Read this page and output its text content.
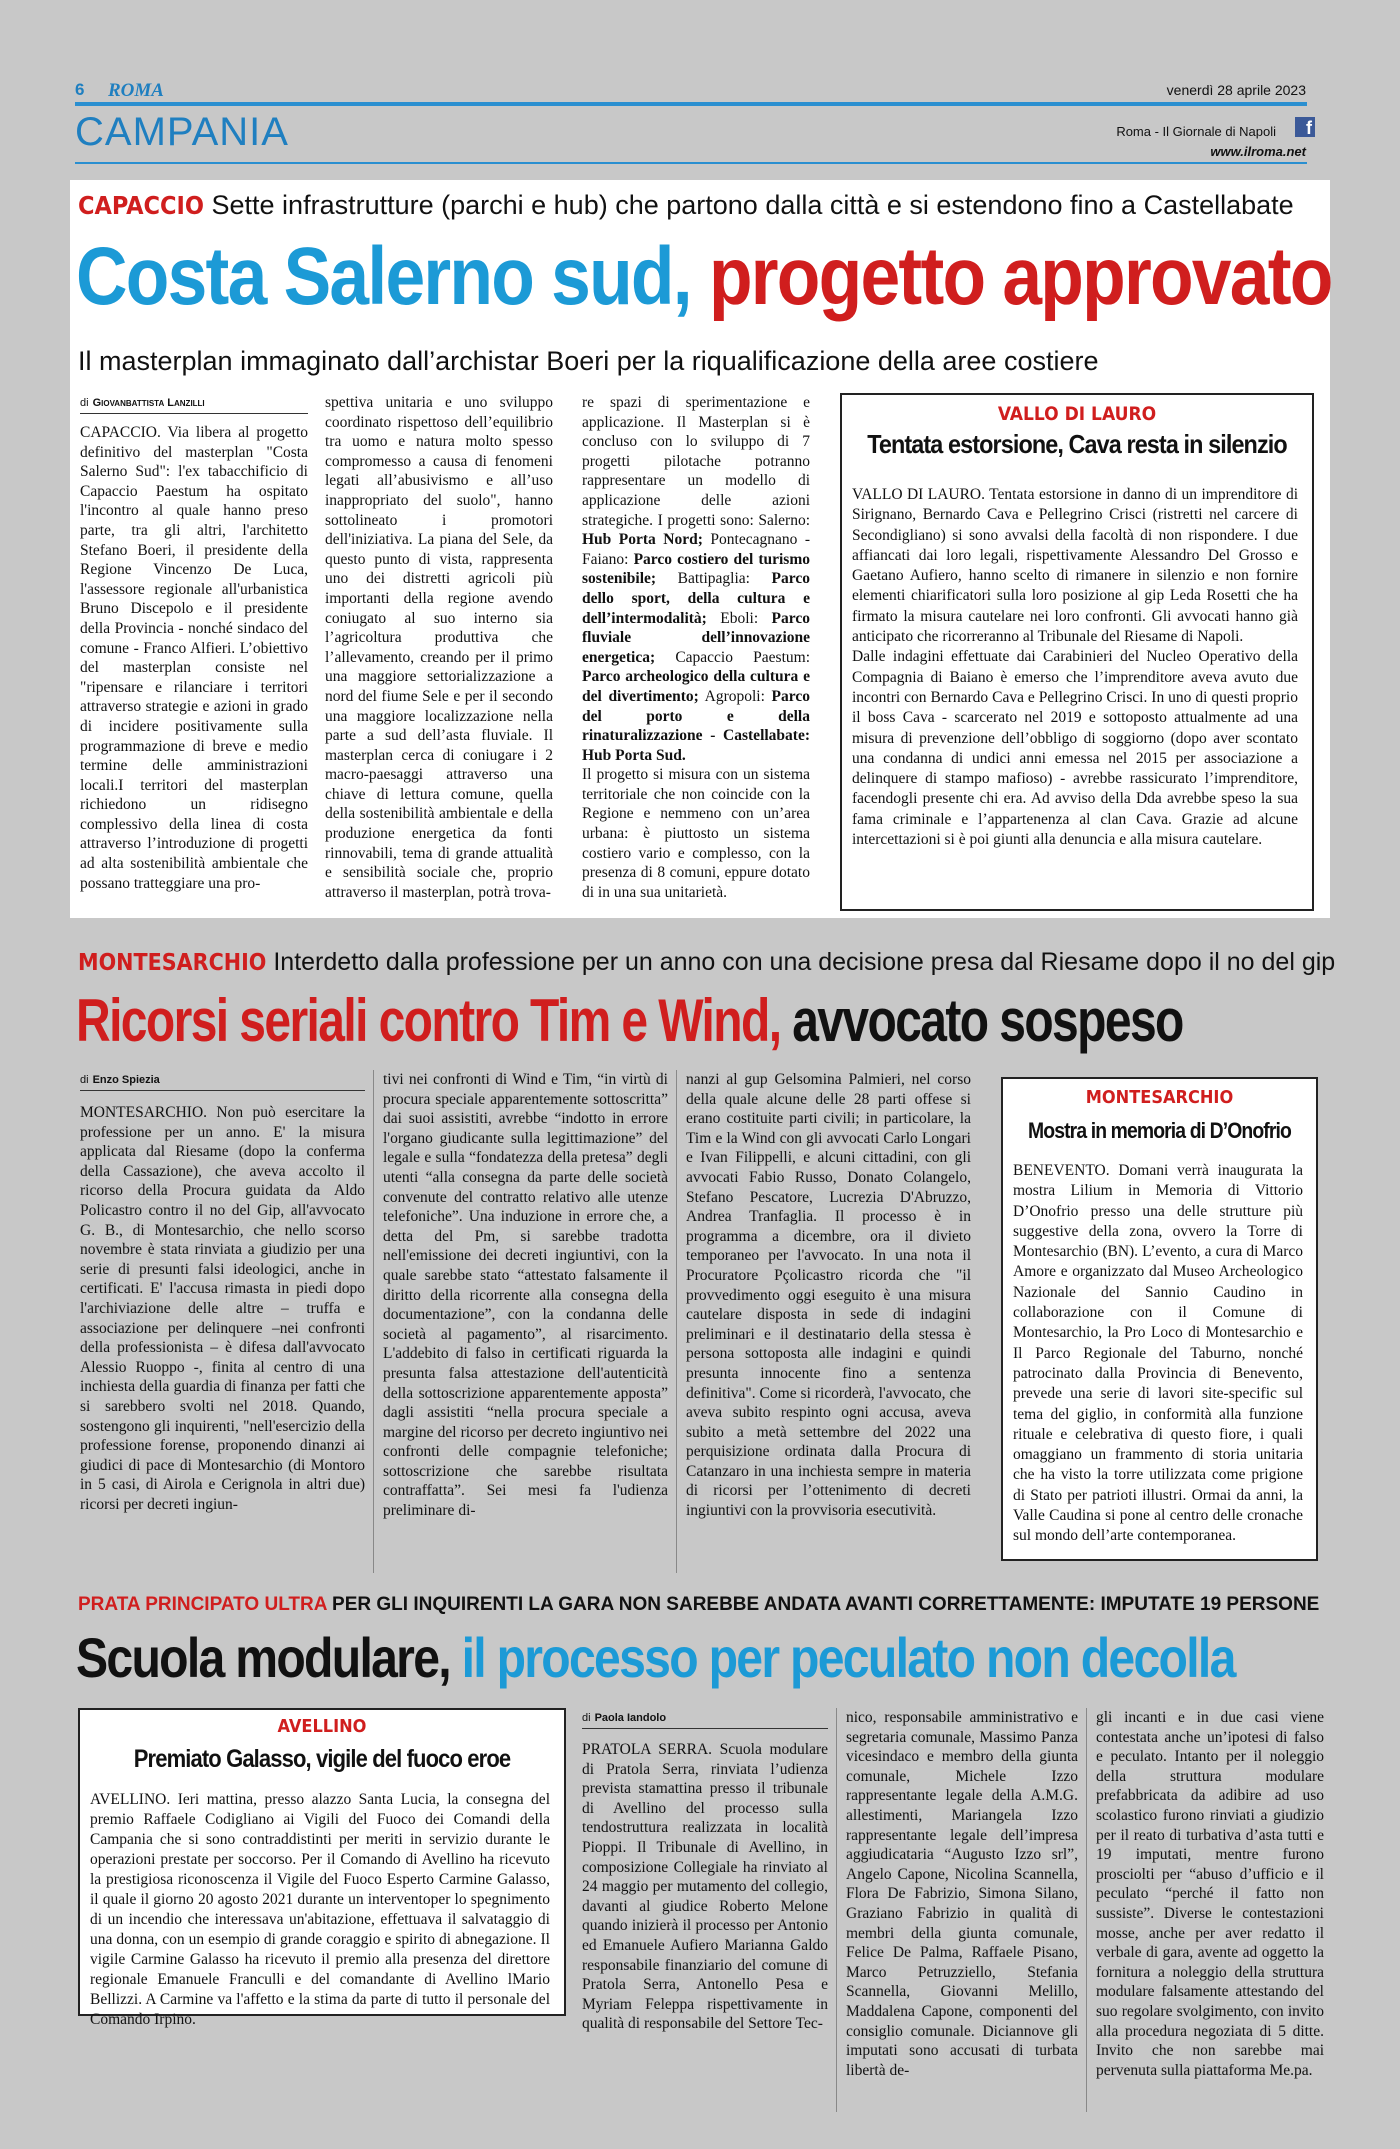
6 ROMA	venerdì 28 aprile 2023
CAMPANIA	Roma - Il Giornale di Napoli	f
www.ilroma.net
CAPACCIO Sette infrastrutture (parchi e hub) che partono dalla città e si estendono fino a Castellabate
Costa Salerno sud, progetto approvato
Il masterplan immaginato dall’archistar Boeri per la riqualificazione della aree costiere
di Giovanbattista Lanzilli
CAPACCIO. Via libera al progetto definitivo del masterplan "Costa Salerno Sud": l'ex tabacchificio di Capaccio Paestum ha ospitato l'incontro al quale hanno preso parte, tra gli altri, l'architetto Stefano Boeri, il presidente della Regione Vincenzo De Luca, l'assessore regionale all'urbanistica Bruno Discepolo e il presidente della Provincia - nonché sindaco del comune - Franco Alfieri. L’obiettivo del masterplan consiste nel "ripensare e rilanciare i territori attraverso strategie e azioni in grado di incidere positivamente sulla programmazione di breve e medio termine delle amministrazioni locali.I territori del masterplan richiedono un ridisegno complessivo della linea di costa attraverso l’introduzione di progetti ad alta sostenibilità ambientale che possano tratteggiare una pro-
spettiva unitaria e uno sviluppo coordinato rispettoso dell’equilibrio tra uomo e natura molto spesso compromesso a causa di fenomeni legati all’abusivismo e all’uso inappropriato del suolo", hanno sottolineato i promotori dell'iniziativa. La piana del Sele, da questo punto di vista, rappresenta uno dei distretti agricoli più importanti della regione avendo coniugato al suo interno sia l’agricoltura produttiva che l’allevamento, creando per il primo una maggiore settorializzazione a nord del fiume Sele e per il secondo una maggiore localizzazione nella parte a sud dell’asta fluviale. Il masterplan cerca di coniugare i 2 macro-paesaggi attraverso una chiave di lettura comune, quella della sostenibilità ambientale e della produzione energetica da fonti rinnovabili, tema di grande attualità e sensibilità sociale che, proprio attraverso il masterplan, potrà trova-
re spazi di sperimentazione e applicazione. Il Masterplan si è concluso con lo sviluppo di 7 progetti pilotache potranno rappresentare un modello di applicazione delle azioni strategiche. I progetti sono: Salerno: Hub Porta Nord; Pontecagnano - Faiano: Parco costiero del turismo sostenibile; Battipaglia: Parco dello sport, della cultura e dell’intermodalità; Eboli: Parco fluviale dell’innovazione energetica; Capaccio Paestum: Parco archeologico della cultura e del divertimento; Agropoli: Parco del porto e della rinaturalizzazione - Castellabate: Hub Porta Sud.

Il progetto si misura con un sistema territoriale che non coincide con la Regione e nemmeno con un’area urbana: è piuttosto un sistema costiero vario e complesso, con la presenza di 8 comuni, eppure dotato di in una sua unitarietà.

VALLO DI LAURO
Tentata estorsione, Cava resta in silenzio

VALLO DI LAURO. Tentata estorsione in danno di un imprenditore di Sirignano, Bernardo Cava e Pellegrino Crisci (ristretti nel carcere di Secondigliano) si sono avvalsi della facoltà di non rispondere. I due affiancati dai loro legali, rispettivamente Alessandro Del Grosso e Gaetano Aufiero, hanno scelto di rimanere in silenzio e non fornire elementi chiarificatori sulla loro posizione al gip Leda Rosetti che ha firmato la misura cautelare nei loro confronti. Gli avvocati hanno già anticipato che ricorreranno al Tribunale del Riesame di Napoli.

Dalle indagini effettuate dai Carabinieri del Nucleo Operativo della Compagnia di Baiano è emerso che l’imprenditore aveva avuto due incontri con Bernardo Cava e Pellegrino Crisci. In uno di questi proprio il boss Cava - scarcerato nel 2019 e sottoposto attualmente ad una misura di prevenzione dell’obbligo di soggiorno (dopo aver scontato una condanna di undici anni emessa nel 2015 per associazione a delinquere di stampo mafioso) - avrebbe rassicurato l’imprenditore, facendogli presente chi era. Ad avviso della Dda avrebbe speso la sua fama criminale e l’appartenenza al clan Cava. Grazie ad alcune intercettazioni si è poi giunti alla denuncia e alla misura cautelare.

MONTESARCHIO Interdetto dalla professione per un anno con una decisione presa dal Riesame dopo il no del gip
Ricorsi seriali contro Tim e Wind, avvocato sospeso
di Enzo Spiezia
MONTESARCHIO. Non può esercitare la professione per un anno. E' la misura applicata dal Riesame (dopo la conferma della Cassazione), che aveva accolto il ricorso della Procura guidata da Aldo Policastro contro il no del Gip, all'avvocato G. B., di Montesarchio, che nello scorso novembre è stata rinviata a giudizio per una serie di presunti falsi ideologici, anche in certificati. E' l'accusa rimasta in piedi dopo l'archiviazione delle altre – truffa e associazione per delinquere –nei confronti della professionista – è difesa dall'avvocato Alessio Ruoppo -, finita al centro di una inchiesta della guardia di finanza per fatti che si sarebbero svolti nel 2018. Quando, sostengono gli inquirenti, "nell'esercizio della professione forense, proponendo dinanzi ai giudici di pace di Montesarchio (di Montoro in 5 casi, di Airola e Cerignola in altri due) ricorsi per decreti ingiun-
tivi nei confronti di Wind e Tim, “in virtù di procura speciale apparentemente sottoscritta” dai suoi assistiti, avrebbe “indotto in errore l'organo giudicante sulla legittimazione” del legale e sulla “fondatezza della pretesa” degli utenti “alla consegna da parte delle società convenute del contratto relativo alle utenze telefoniche”. Una induzione in errore che, a detta del Pm, si sarebbe tradotta nell'emissione dei decreti ingiuntivi, con la quale sarebbe stato “attestato falsamente il diritto della ricorrente alla consegna della documentazione”, con la condanna delle società al pagamento”, al risarcimento. L'addebito di falso in certificati riguarda la presunta falsa attestazione dell'autenticità della sottoscrizione apparentemente apposta” dagli assistiti “nella procura speciale a margine del ricorso per decreto ingiuntivo nei confronti delle compagnie telefoniche; sottoscrizione che sarebbe risultata contraffatta”. Sei mesi fa l'udienza preliminare di-
nanzi al gup Gelsomina Palmieri, nel corso della quale alcune delle 28 parti offese si erano costituite parti civili; in particolare, la Tim e la Wind con gli avvocati Carlo Longari e Ivan Filippelli, e alcuni cittadini, con gli avvocati Fabio Russo, Donato Colangelo, Stefano Pescatore, Lucrezia D'Abruzzo, Andrea Tranfaglia. Il processo è in programma a dicembre, ora il divieto temporaneo per l'avvocato. In una nota il Procuratore Pçolicastro ricorda che "il provvedimento oggi eseguito è una misura cautelare disposta in sede di indagini preliminari e il destinatario della stessa è persona sottoposta alle indagini e quindi presunta innocente fino a sentenza definitiva". Come si ricorderà, l'avvocato, che aveva subito respinto ogni accusa, aveva subito a metà settembre del 2022 una perquisizione ordinata dalla Procura di Catanzaro in una inchiesta sempre in materia di ricorsi per l’ottenimento di decreti ingiuntivi con la provvisoria esecutività.
MONTESARCHIO
Mostra in memoria di D’Onofrio
BENEVENTO. Domani verrà inaugurata la mostra Lilium in Memoria di Vittorio D’Onofrio presso una delle strutture più suggestive della zona, ovvero la Torre di Montesarchio (BN). L’evento, a cura di Marco Amore e organizzato dal Museo Archeologico Nazionale del Sannio Caudino in collaborazione con il Comune di Montesarchio, la Pro Loco di Montesarchio e Il Parco Regionale del Taburno, nonché patrocinato dalla Provincia di Benevento, prevede una serie di lavori site-specific sul tema del giglio, in conformità alla funzione rituale e celebrativa di questo fiore, i quali omaggiano un frammento di storia unitaria che ha visto la torre utilizzata come prigione di Stato per patrioti illustri. Ormai da anni, la Valle Caudina si pone al centro delle cronache sul mondo dell’arte contemporanea.
PRATA PRINCIPATO ULTRA PER GLI INQUIRENTI LA GARA NON SAREBBE ANDATA AVANTI CORRETTAMENTE: IMPUTATE 19 PERSONE
Scuola modulare, il processo per peculato non decolla
AVELLINO
Premiato Galasso, vigile del fuoco eroe
AVELLINO. Ieri mattina, presso alazzo Santa Lucia, la consegna del premio Raffaele Codigliano ai Vigili del Fuoco dei Comandi della Campania che si sono contraddistinti per meriti in servizio durante le operazioni prestate per soccorso. Per il Comando di Avellino ha ricevuto la prestigiosa riconoscenza il Vigile del Fuoco Esperto Carmine Galasso, il quale il giorno 20 agosto 2021 durante un interventoper lo spegnimento di un incendio che interessava un'abitazione, effettuava il salvataggio di una donna, con un esempio di grande coraggio e spirito di abnegazione. Il vigile Carmine Galasso ha ricevuto il premio alla presenza del direttore regionale Emanuele Franculli e del comandante di Avellino lMario Bellizzi. A Carmine va l'affetto e la stima da parte di tutto il personale del Comando Irpino.
di Paola Iandolo
PRATOLA SERRA. Scuola modulare di Pratola Serra, rinviata l’udienza prevista stamattina presso il tribunale di Avellino del processo sulla tendostruttura realizzata in località Pioppi. Il Tribunale di Avellino, in composizione Collegiale ha rinviato al 24 maggio per mutamento del collegio, davanti al giudice Roberto Melone quando inizierà il processo per Antonio ed Emanuele Aufiero Marianna Galdo responsabile finanziario del comune di Pratola Serra, Antonello Pesa e Myriam Feleppa rispettivamente in qualità di responsabile del Settore Tec-
nico, responsabile amministrativo e segretaria comunale, Massimo Panza vicesindaco e membro della giunta comunale, Michele Izzo rappresentante legale della A.M.G. allestimenti, Mariangela Izzo rappresentante legale dell’impresa aggiudicataria “Augusto Izzo srl”, Angelo Capone, Nicolina Scannella, Flora De Fabrizio, Simona Silano, Graziano Fabrizio in qualità di membri della giunta comunale, Felice De Palma, Raffaele Pisano, Marco Petruzziello, Stefania Scannella, Giovanni Melillo, Maddalena Capone, componenti del consiglio comunale. Diciannove gli imputati sono accusati di turbata libertà de-
gli incanti e in due casi viene contestata anche un’ipotesi di falso e peculato. Intanto per il noleggio della struttura modulare prefabbricata da adibire ad uso scolastico furono rinviati a giudizio per il reato di turbativa d’asta tutti e 19 imputati, mentre furono prosciolti per “abuso d’ufficio e il peculato “perché il fatto non sussiste”. Diverse le contestazioni mosse, anche per aver redatto il verbale di gara, avente ad oggetto la fornitura a noleggio della struttura modulare falsamente attestando del suo regolare svolgimento, con invito alla procedura negoziata di 5 ditte. Invito che non sarebbe mai pervenuta sulla piattaforma Me.pa.
